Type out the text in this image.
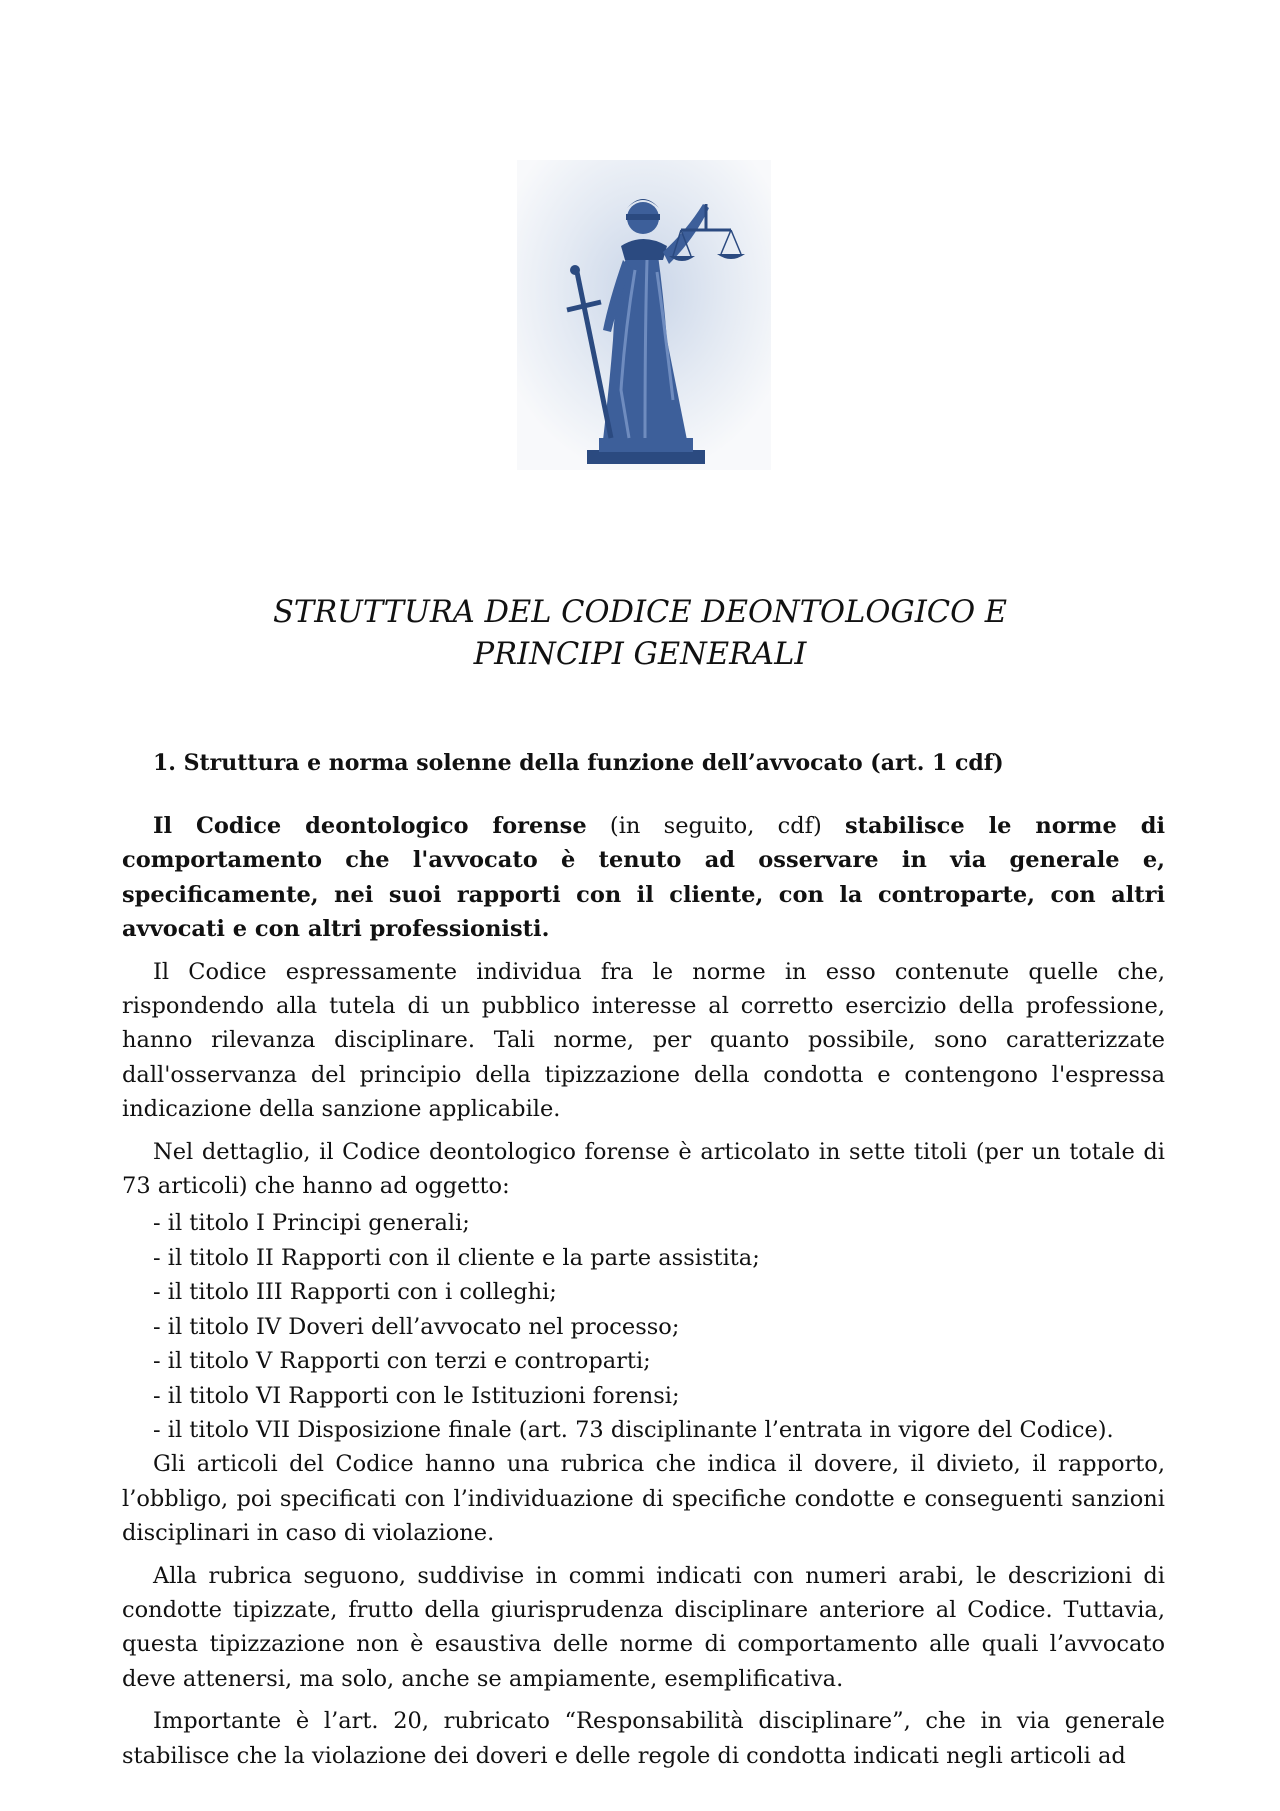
STRUTTURA DEL CODICE DEONTOLOGICO E
PRINCIPI GENERALI
1. Struttura e norma solenne della funzione dell’avvocato (art. 1 cdf)

Il Codice deontologico forense (in seguito, cdf) stabilisce le norme di comportamento che l'avvocato è tenuto ad osservare in via generale e, specificamente, nei suoi rapporti con il cliente, con la controparte, con altri avvocati e con altri professionisti.

Il Codice espressamente individua fra le norme in esso contenute quelle che, rispondendo alla tutela di un pubblico interesse al corretto esercizio della professione, hanno rilevanza disciplinare. Tali norme, per quanto possibile, sono caratterizzate dall'osservanza del principio della tipizzazione della condotta e contengono l'espressa indicazione della sanzione applicabile.

Nel dettaglio, il Codice deontologico forense è articolato in sette titoli (per un totale di 73 articoli) che hanno ad oggetto:

- il titolo I Principi generali;
- il titolo II Rapporti con il cliente e la parte assistita;
- il titolo III Rapporti con i colleghi;
- il titolo IV Doveri dell’avvocato nel processo;
- il titolo V Rapporti con terzi e controparti;
- il titolo VI Rapporti con le Istituzioni forensi;
- il titolo VII Disposizione finale (art. 73 disciplinante l’entrata in vigore del Codice).

Gli articoli del Codice hanno una rubrica che indica il dovere, il divieto, il rapporto, l’obbligo, poi specificati con l’individuazione di specifiche condotte e conseguenti sanzioni disciplinari in caso di violazione.

Alla rubrica seguono, suddivise in commi indicati con numeri arabi, le descrizioni di condotte tipizzate, frutto della giurisprudenza disciplinare anteriore al Codice. Tuttavia, questa tipizzazione non è esaustiva delle norme di comportamento alle quali l’avvocato deve attenersi, ma solo, anche se ampiamente, esemplificativa.

Importante è l’art. 20, rubricato “Responsabilità disciplinare”, che in via generale stabilisce che la violazione dei doveri e delle regole di condotta indicati negli articoli ad
